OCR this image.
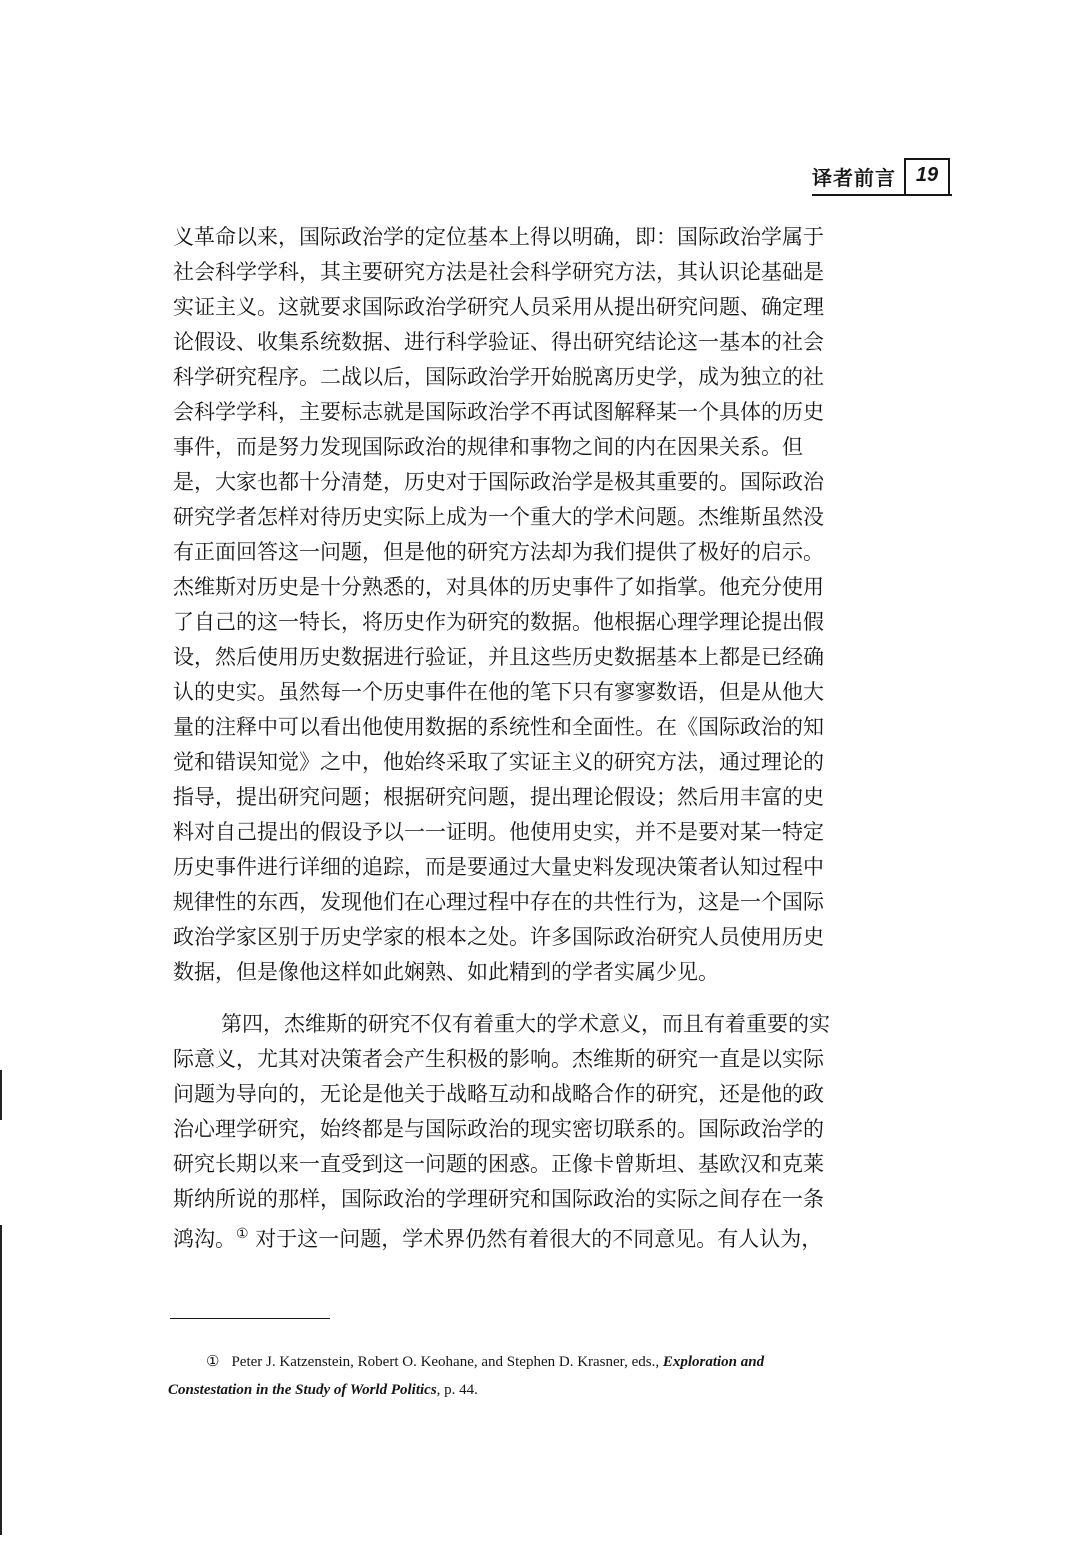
译者前言 19
义革命以来，国际政治学的定位基本上得以明确，即：国际政治学属于
社会科学学科，其主要研究方法是社会科学研究方法，其认识论基础是
实证主义。这就要求国际政治学研究人员采用从提出研究问题、确定理
论假设、收集系统数据、进行科学验证、得出研究结论这一基本的社会
科学研究程序。二战以后，国际政治学开始脱离历史学，成为独立的社
会科学学科，主要标志就是国际政治学不再试图解释某一个具体的历史
事件，而是努力发现国际政治的规律和事物之间的内在因果关系。但
是，大家也都十分清楚，历史对于国际政治学是极其重要的。国际政治
研究学者怎样对待历史实际上成为一个重大的学术问题。杰维斯虽然没
有正面回答这一问题，但是他的研究方法却为我们提供了极好的启示。
杰维斯对历史是十分熟悉的，对具体的历史事件了如指掌。他充分使用
了自己的这一特长，将历史作为研究的数据。他根据心理学理论提出假
设，然后使用历史数据进行验证，并且这些历史数据基本上都是已经确
认的史实。虽然每一个历史事件在他的笔下只有寥寥数语，但是从他大
量的注释中可以看出他使用数据的系统性和全面性。在《国际政治的知
觉和错误知觉》之中，他始终采取了实证主义的研究方法，通过理论的
指导，提出研究问题；根据研究问题，提出理论假设；然后用丰富的史
料对自己提出的假设予以一一证明。他使用史实，并不是要对某一特定
历史事件进行详细的追踪，而是要通过大量史料发现决策者认知过程中
规律性的东西，发现他们在心理过程中存在的共性行为，这是一个国际
政治学家区别于历史学家的根本之处。许多国际政治研究人员使用历史
数据，但是像他这样如此娴熟、如此精到的学者实属少见。
第四，杰维斯的研究不仅有着重大的学术意义，而且有着重要的实
际意义，尤其对决策者会产生积极的影响。杰维斯的研究一直是以实际
问题为导向的，无论是他关于战略互动和战略合作的研究，还是他的政
治心理学研究，始终都是与国际政治的现实密切联系的。国际政治学的
研究长期以来一直受到这一问题的困惑。正像卡曾斯坦、基欧汉和克莱
斯纳所说的那样，国际政治的学理研究和国际政治的实际之间存在一条
鸿沟。① 对于这一问题，学术界仍然有着很大的不同意见。有人认为，
① Peter J. Katzenstein, Robert O. Keohane, and Stephen D. Krasner, eds., Exploration and
Constestation in the Study of World Politics, p. 44.
